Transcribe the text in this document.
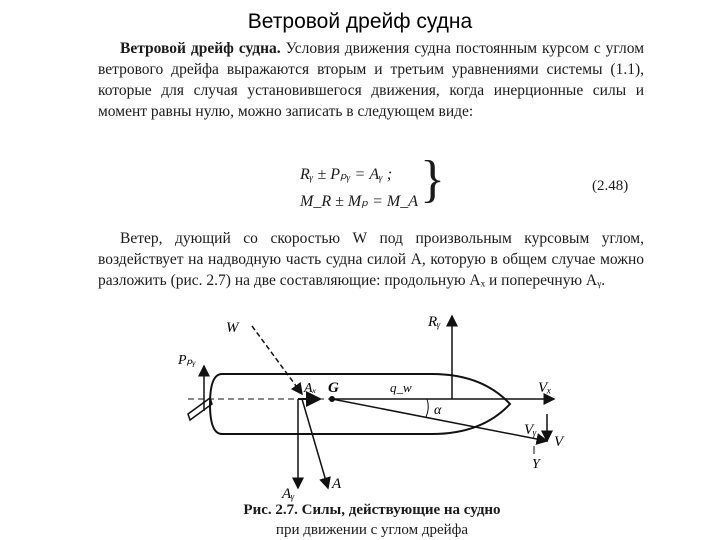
Ветровой дрейф судна

Ветровой дрейф судна. Условия движения судна постоянным курсом с углом ветрового дрейфа выражаются вторым и третьим уравнениями системы (1.1), которые для случая установившегося движения, когда инерционные силы и момент равны нулю, можно записать в следующем виде:

Rᵧ ± Pₚᵧ = Aᵧ ;
M_R ± Mₚ = M_A }	(2.48)

Ветер, дующий со скоростью W под произвольным курсовым углом, воздействует на надводную часть судна силой A, которую в общем случае можно разложить (рис. 2.7) на две составляющие: продольную Aₓ и поперечную Aᵧ.

W	Rᵧ
Pₚᵧ
Aₓ G	q_w	Vₓ
α
Vᵧ
V
Y
Aᵧ
A
Рис. 2.7. Силы, действующие на судно
при движении с углом дрейфа
